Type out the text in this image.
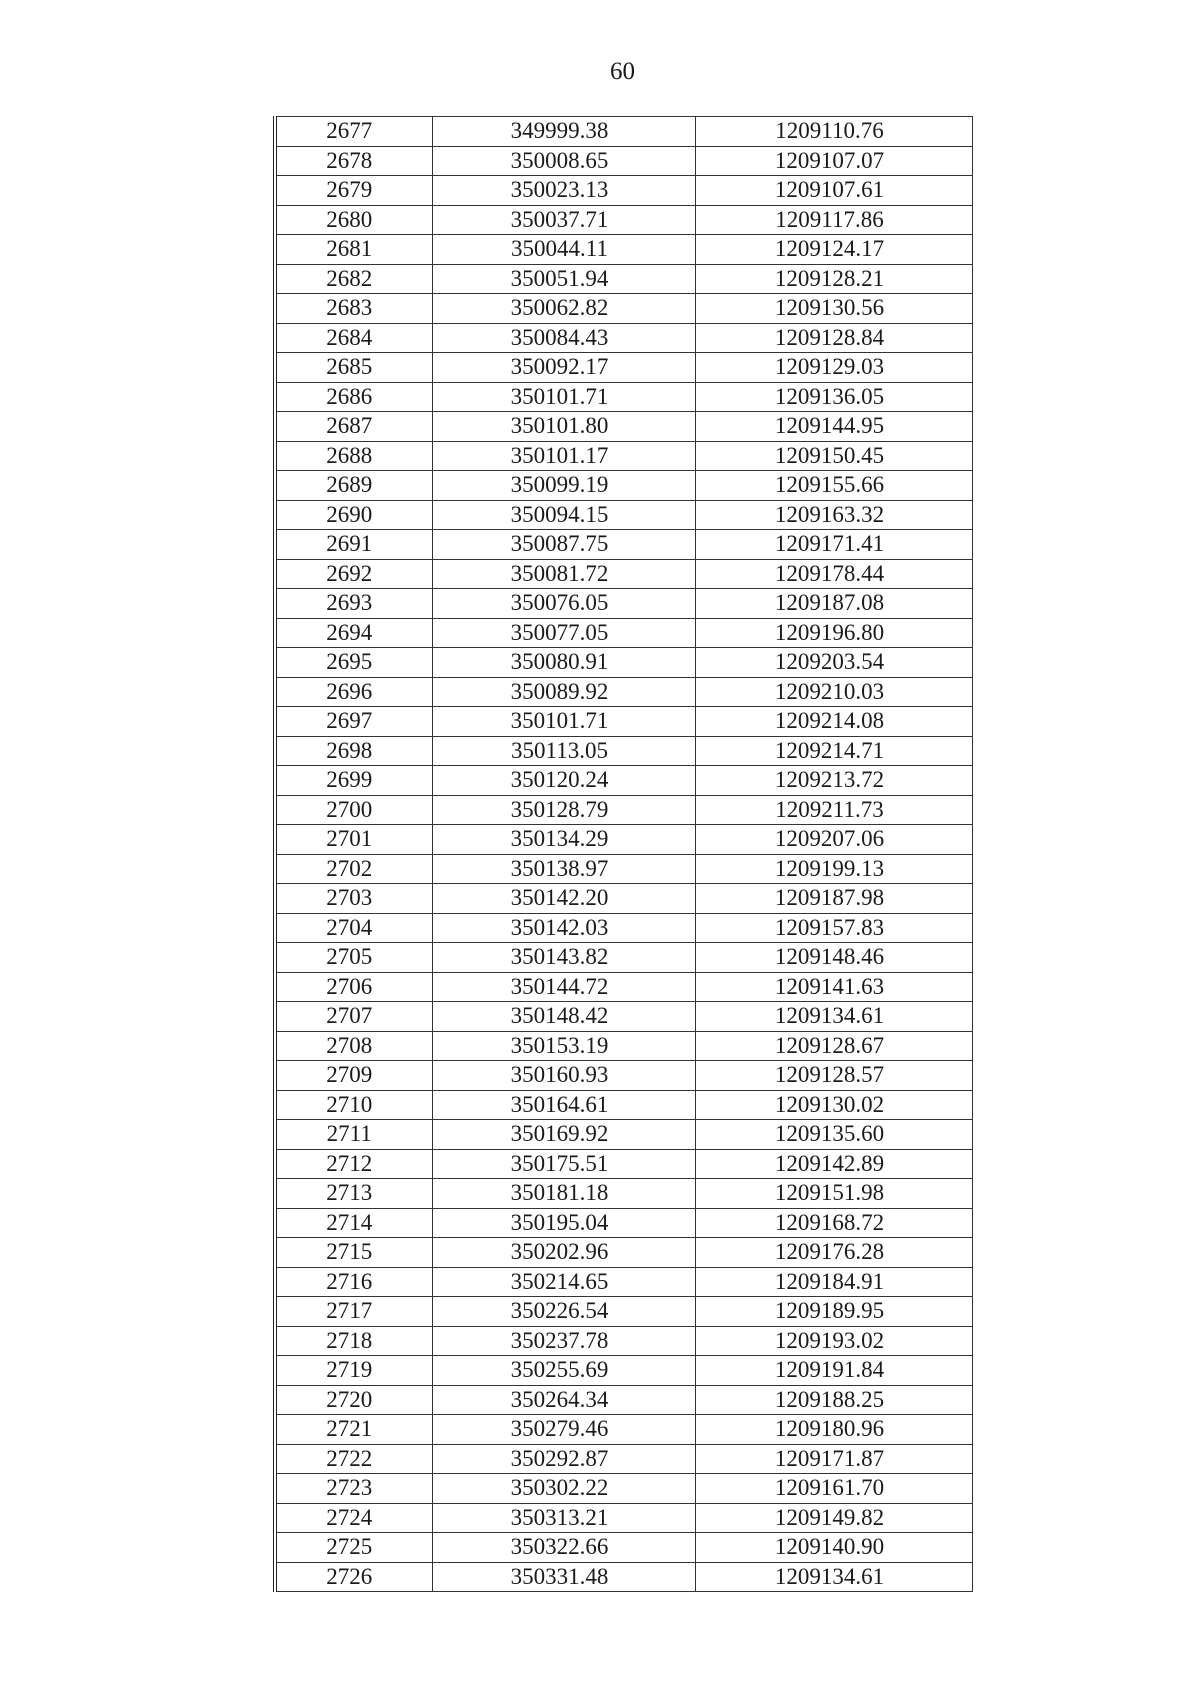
60
2677	349999.38	1209110.76
2678	350008.65	1209107.07
2679	350023.13	1209107.61
2680	350037.71	1209117.86
2681	350044.11	1209124.17
2682	350051.94	1209128.21
2683	350062.82	1209130.56
2684	350084.43	1209128.84
2685	350092.17	1209129.03
2686	350101.71	1209136.05
2687	350101.80	1209144.95
2688	350101.17	1209150.45
2689	350099.19	1209155.66
2690	350094.15	1209163.32
2691	350087.75	1209171.41
2692	350081.72	1209178.44
2693	350076.05	1209187.08
2694	350077.05	1209196.80
2695	350080.91	1209203.54
2696	350089.92	1209210.03
2697	350101.71	1209214.08
2698	350113.05	1209214.71
2699	350120.24	1209213.72
2700	350128.79	1209211.73
2701	350134.29	1209207.06
2702	350138.97	1209199.13
2703	350142.20	1209187.98
2704	350142.03	1209157.83
2705	350143.82	1209148.46
2706	350144.72	1209141.63
2707	350148.42	1209134.61
2708	350153.19	1209128.67
2709	350160.93	1209128.57
2710	350164.61	1209130.02
2711	350169.92	1209135.60
2712	350175.51	1209142.89
2713	350181.18	1209151.98
2714	350195.04	1209168.72
2715	350202.96	1209176.28
2716	350214.65	1209184.91
2717	350226.54	1209189.95
2718	350237.78	1209193.02
2719	350255.69	1209191.84
2720	350264.34	1209188.25
2721	350279.46	1209180.96
2722	350292.87	1209171.87
2723	350302.22	1209161.70
2724	350313.21	1209149.82
2725	350322.66	1209140.90
2726	350331.48	1209134.61
